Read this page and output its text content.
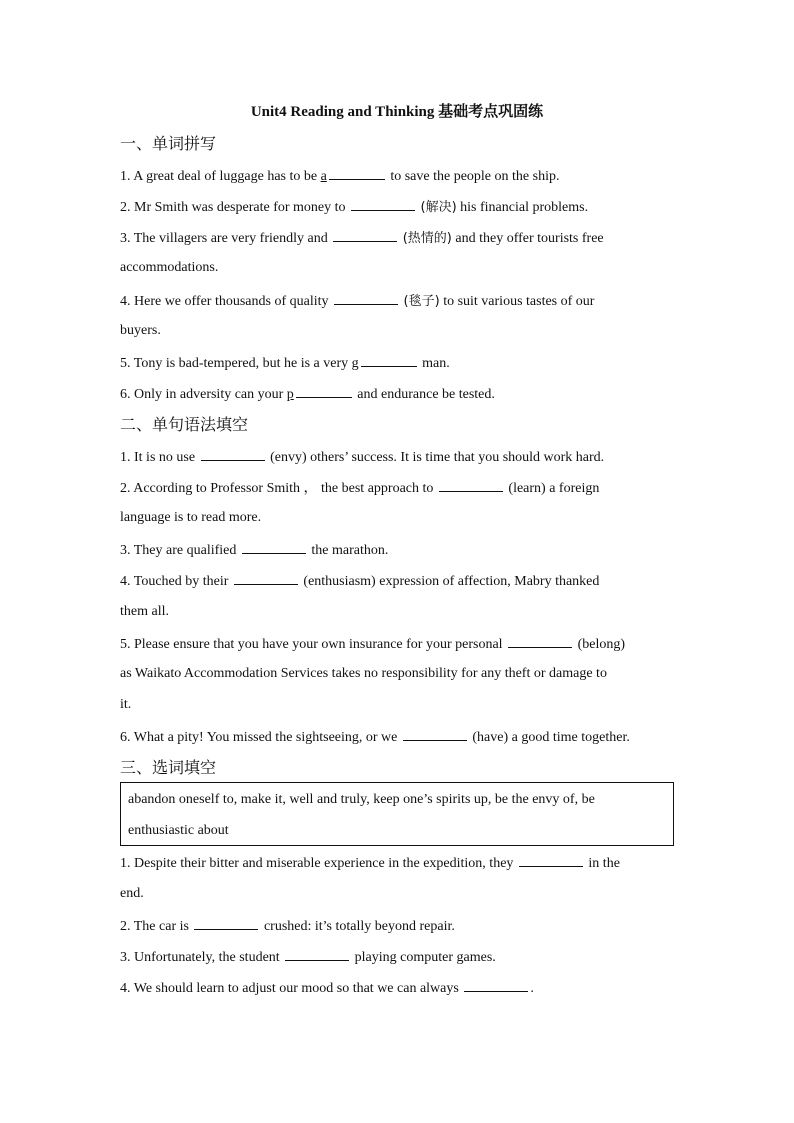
Unit4 Reading and Thinking 基础考点巩固练
一、单词拼写
1. A great deal of luggage has to be a	to save the people on the ship.
2. Mr Smith was desperate for money to	(解决) his financial problems.
3. The villagers are very friendly and	(热情的) and they offer tourists free
accommodations.
4. Here we offer thousands of quality	(毯子) to suit various tastes of our
buyers.
5. Tony is bad-tempered, but he is a very g	man.
6. Only in adversity can your p	and endurance be tested.
二、单句语法填空
1. It is no use	(envy) others’ success. It is time that you should work hard.
2. According to Professor Smith ， the best approach to	(learn) a foreign
language is to read more.
3. They are qualified	the marathon.
4. Touched by their	(enthusiasm) expression of affection, Mabry thanked
them all.
5. Please ensure that you have your own insurance for your personal	(belong)
as Waikato Accommodation Services takes no responsibility for any theft or damage to
it.
6. What a pity! You missed the sightseeing, or we	(have) a good time together.
三、选词填空
abandon oneself to, make it, well and truly, keep one’s spirits up, be the envy of, be
enthusiastic about
1. Despite their bitter and miserable experience in the expedition, they	in the
end.
2. The car is	crushed: it’s totally beyond repair.
3. Unfortunately, the student	playing computer games.
4. We should learn to adjust our mood so that we can always	.
